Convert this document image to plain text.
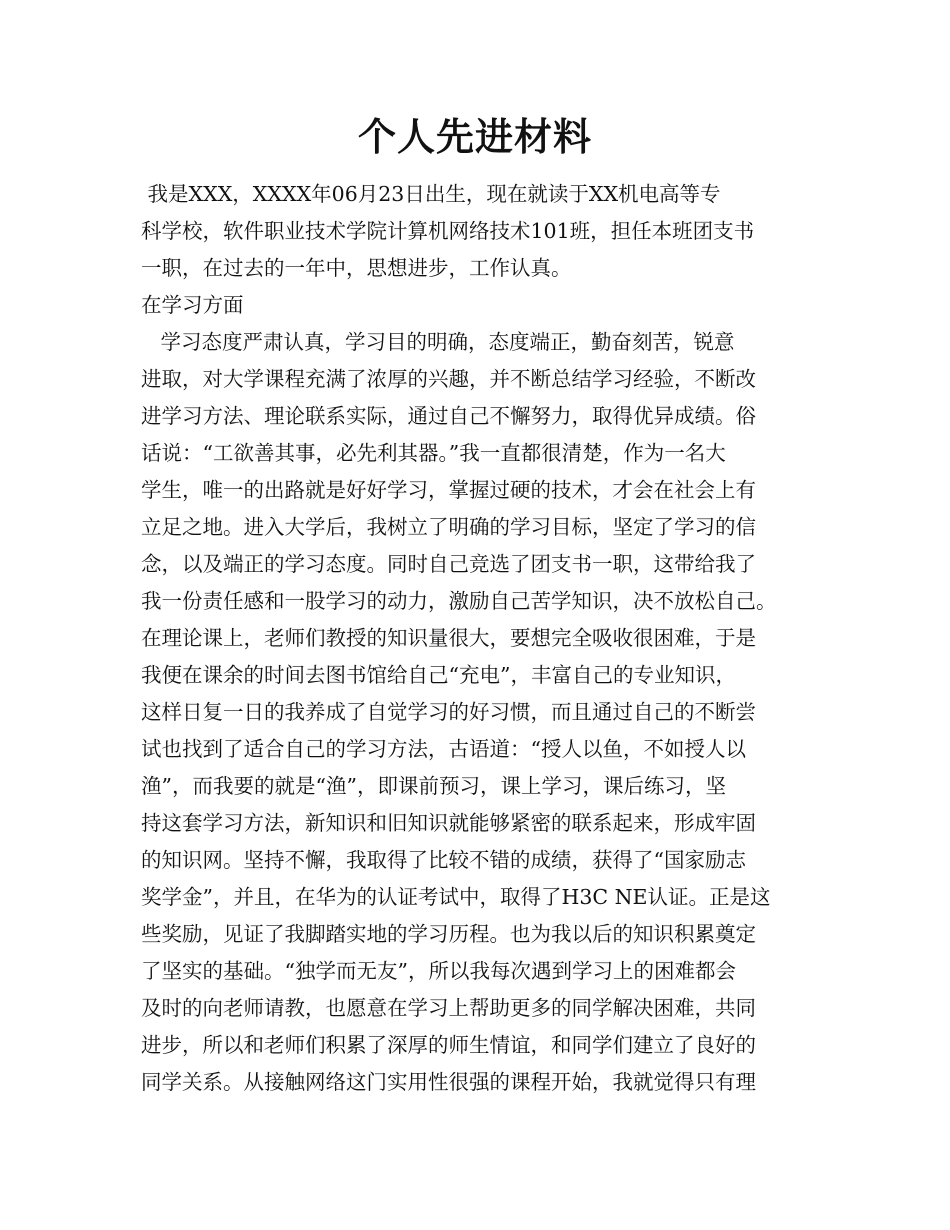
个人先进材料
我是XXX，XXXX年06月23日出生，现在就读于XX机电高等专
科学校，软件职业技术学院计算机网络技术101班，担任本班团支书
一职，在过去的一年中，思想进步，工作认真。
在学习方面
学习态度严肃认真，学习目的明确，态度端正，勤奋刻苦，锐意
进取，对大学课程充满了浓厚的兴趣，并不断总结学习经验，不断改
进学习方法、理论联系实际，通过自己不懈努力，取得优异成绩。俗
话说：“工欲善其事，必先利其器。”我一直都很清楚，作为一名大
学生，唯一的出路就是好好学习，掌握过硬的技术，才会在社会上有
立足之地。进入大学后，我树立了明确的学习目标，坚定了学习的信
念，以及端正的学习态度。同时自己竞选了团支书一职，这带给我了
我一份责任感和一股学习的动力，激励自己苦学知识，决不放松自己。
在理论课上，老师们教授的知识量很大，要想完全吸收很困难，于是
我便在课余的时间去图书馆给自己“充电”，丰富自己的专业知识，
这样日复一日的我养成了自觉学习的好习惯，而且通过自己的不断尝
试也找到了适合自己的学习方法，古语道：“授人以鱼，不如授人以
渔”，而我要的就是“渔”，即课前预习，课上学习，课后练习，坚
持这套学习方法，新知识和旧知识就能够紧密的联系起来，形成牢固
的知识网。坚持不懈，我取得了比较不错的成绩，获得了“国家励志
奖学金”，并且，在华为的认证考试中，取得了H3C NE认证。正是这
些奖励，见证了我脚踏实地的学习历程。也为我以后的知识积累奠定
了坚实的基础。“独学而无友”，所以我每次遇到学习上的困难都会
及时的向老师请教，也愿意在学习上帮助更多的同学解决困难，共同
进步，所以和老师们积累了深厚的师生情谊，和同学们建立了良好的
同学关系。从接触网络这门实用性很强的课程开始，我就觉得只有理
